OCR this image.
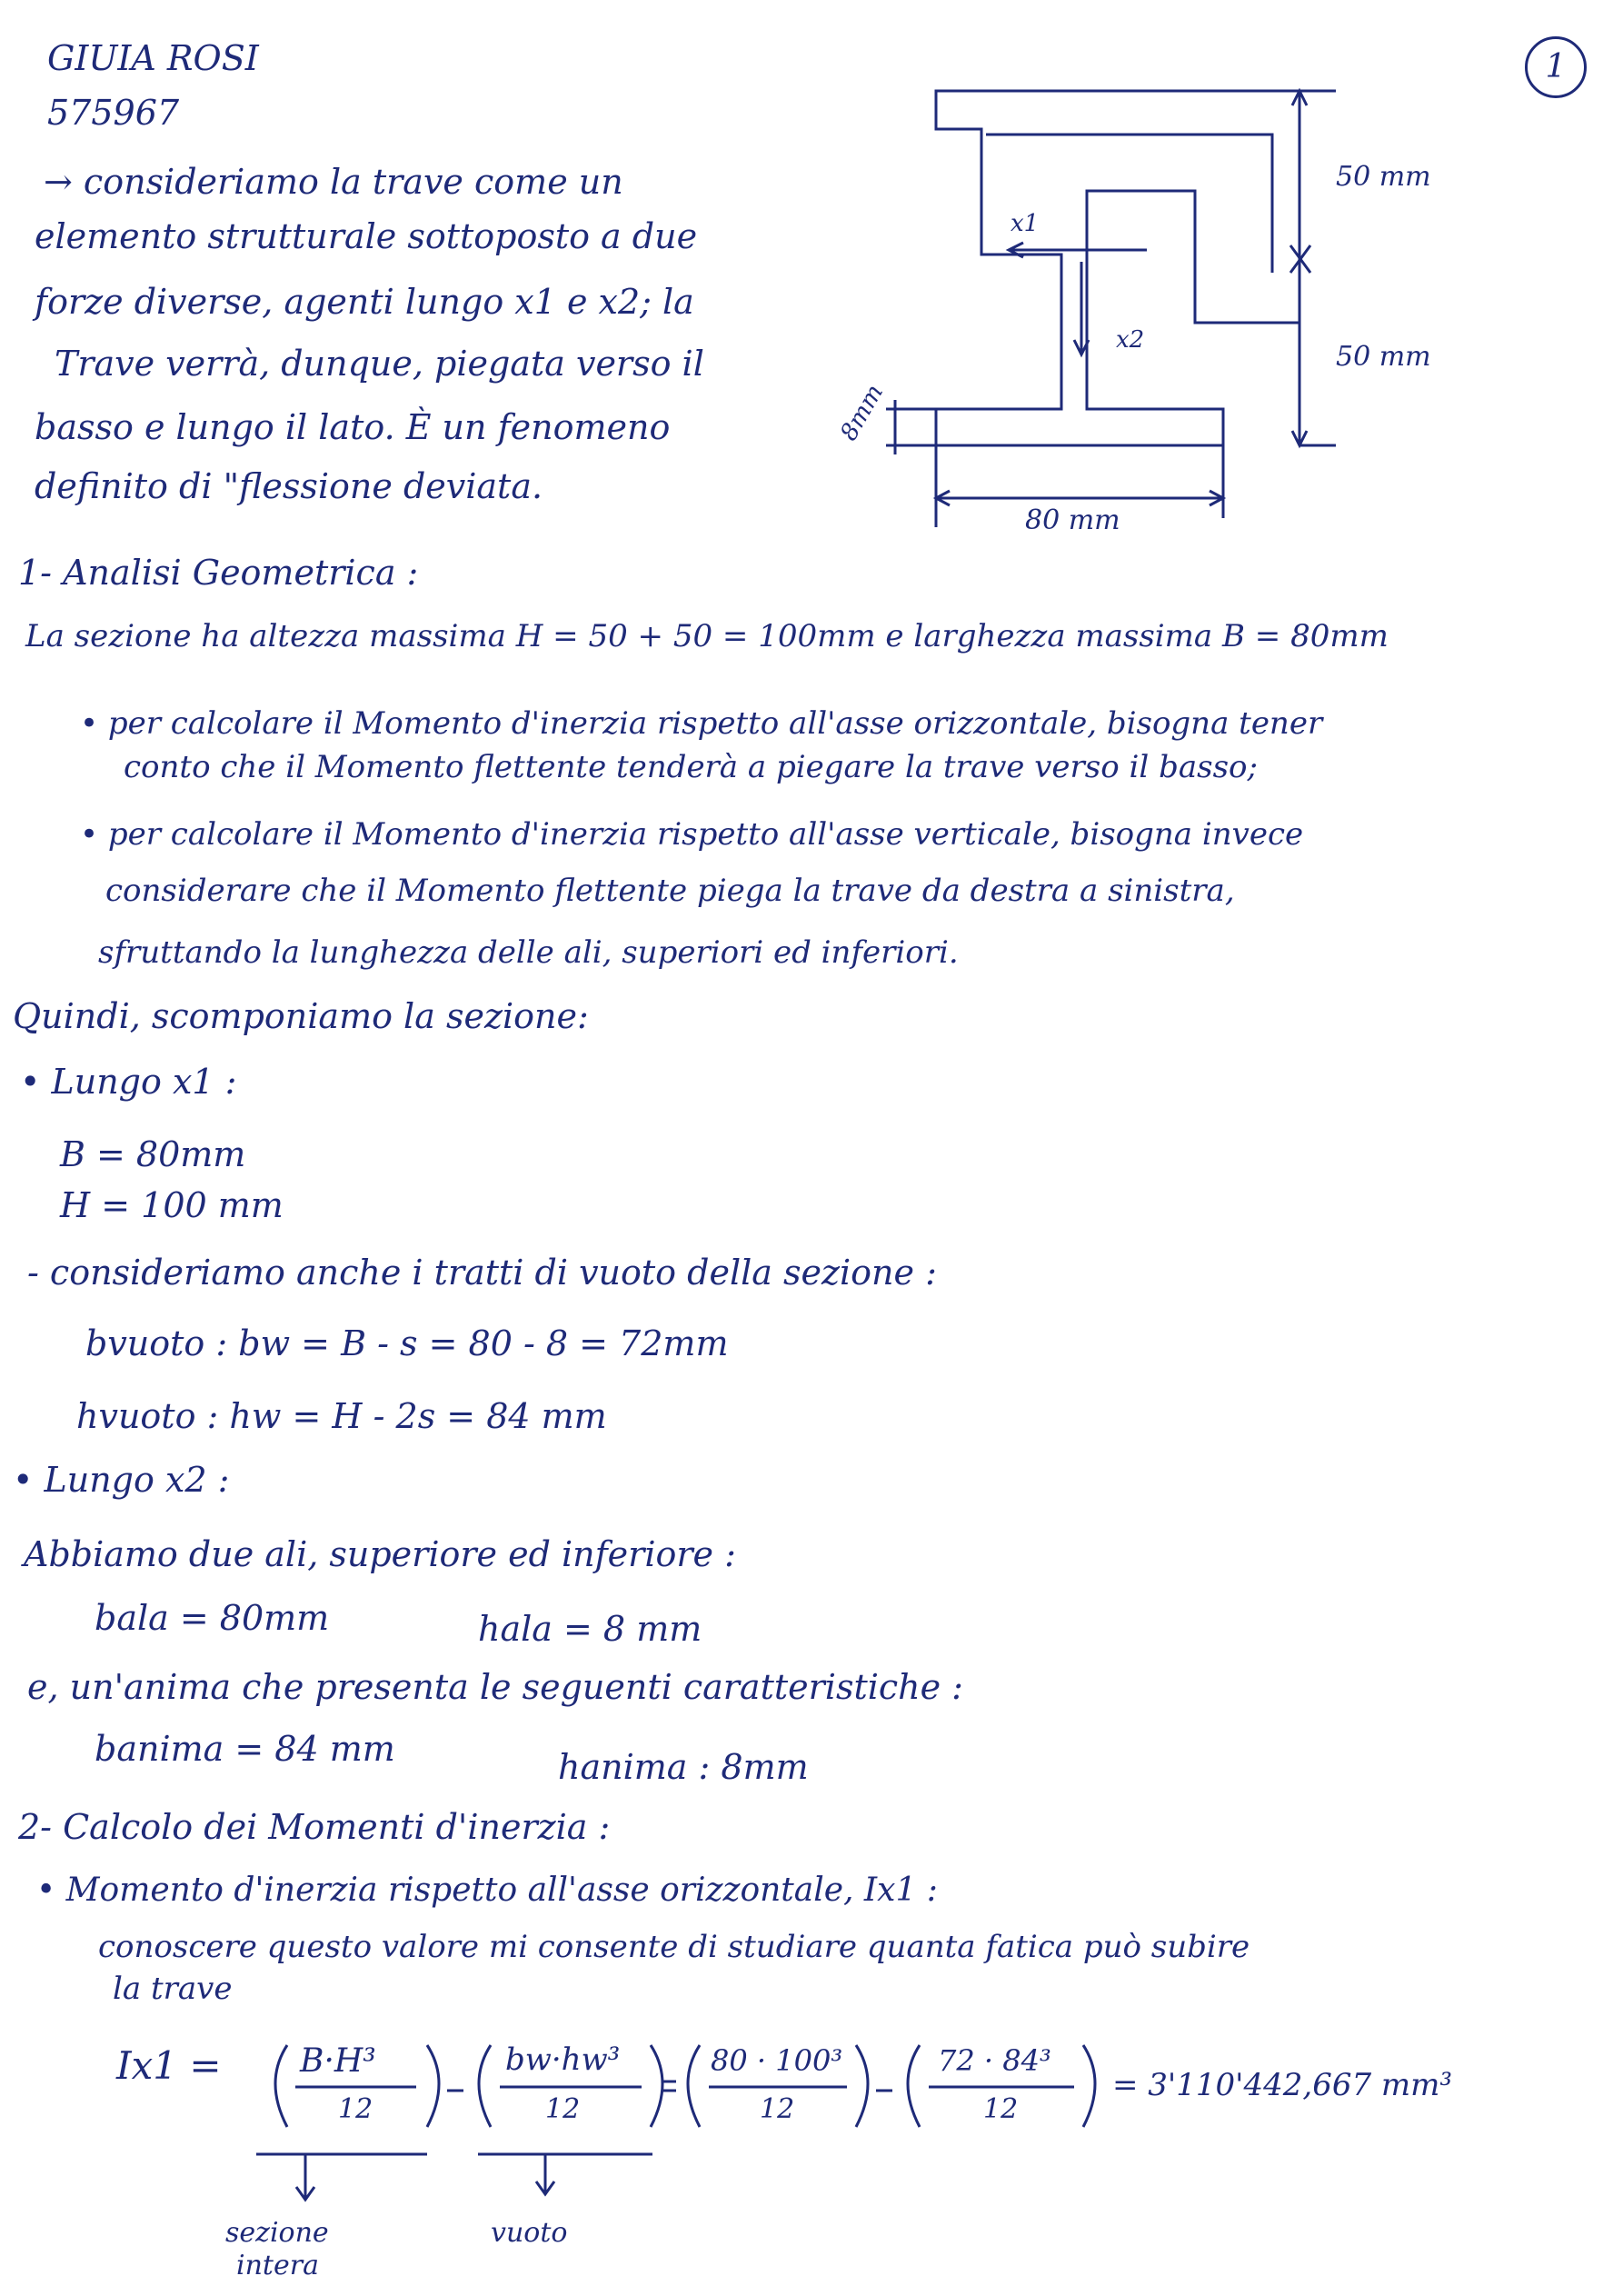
GIUIA ROSI
575967
1
→ consideriamo la trave come un
elemento strutturale sottoposto a due
forze diverse, agenti lungo x1 e x2; la
Trave verrà, dunque, piegata verso il
basso e lungo il lato. È un fenomeno
definito di "flessione deviata.
50 mm
50 mm
8mm
80 mm
x1
x2
1- Analisi Geometrica :
La sezione ha altezza massima H = 50 + 50 = 100mm e larghezza massima B = 80mm
• per calcolare il Momento d'inerzia rispetto all'asse orizzontale, bisogna tener
conto che il Momento flettente tenderà a piegare la trave verso il basso;
• per calcolare il Momento d'inerzia rispetto all'asse verticale, bisogna invece
considerare che il Momento flettente piega la trave da destra a sinistra,
sfruttando la lunghezza delle ali, superiori ed inferiori.
Quindi, scomponiamo la sezione:
• Lungo x1 :
B = 80mm
H = 100 mm
- consideriamo anche i tratti di vuoto della sezione :
bvuoto : bw = B - s = 80 - 8 = 72mm
hvuoto : hw = H - 2s = 84 mm
• Lungo x2 :
Abbiamo due ali, superiore ed inferiore :
bala = 80mm	hala = 8 mm
e, un'anima che presenta le seguenti caratteristiche :
banima = 84 mm	hanima : 8mm
2- Calcolo dei Momenti d'inerzia :
• Momento d'inerzia rispetto all'asse orizzontale, Ix1 :
conoscere questo valore mi consente di studiare quanta fatica può subire
la trave
Ix1 = B·H³
12
bw·hw³
12
80 · 100³
12
72 · 84³
12
= 3'110'442,667 mm³
sezione
intera
vuoto
